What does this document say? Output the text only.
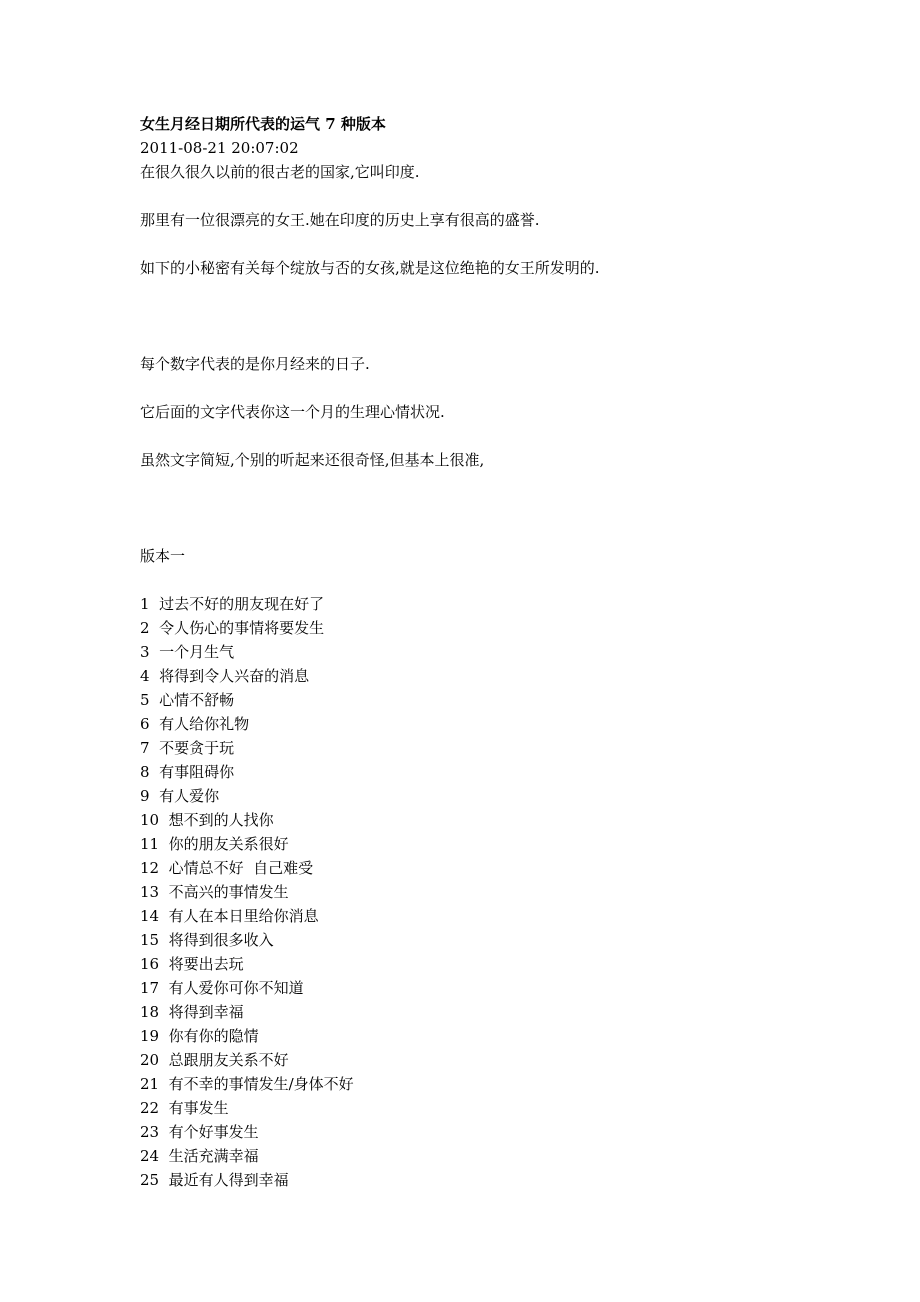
女生月经日期所代表的运气 7 种版本
2011-08-21 20:07:02
在很久很久以前的很古老的国家,它叫印度.
那里有一位很漂亮的女王.她在印度的历史上享有很高的盛誉.
如下的小秘密有关每个绽放与否的女孩,就是这位绝艳的女王所发明的.
每个数字代表的是你月经来的日子.
它后面的文字代表你这一个月的生理心情状况.
虽然文字简短,个别的听起来还很奇怪,但基本上很准,
版本一
1  过去不好的朋友现在好了
2  令人伤心的事情将要发生
3  一个月生气
4  将得到令人兴奋的消息
5  心情不舒畅
6  有人给你礼物
7  不要贪于玩
8  有事阻碍你
9  有人爱你
10  想不到的人找你
11  你的朋友关系很好
12  心情总不好  自己难受
13  不高兴的事情发生
14  有人在本日里给你消息
15  将得到很多收入
16  将要出去玩
17  有人爱你可你不知道
18  将得到幸福
19  你有你的隐情
20  总跟朋友关系不好
21  有不幸的事情发生/身体不好
22  有事发生
23  有个好事发生
24  生活充满幸福
25  最近有人得到幸福
